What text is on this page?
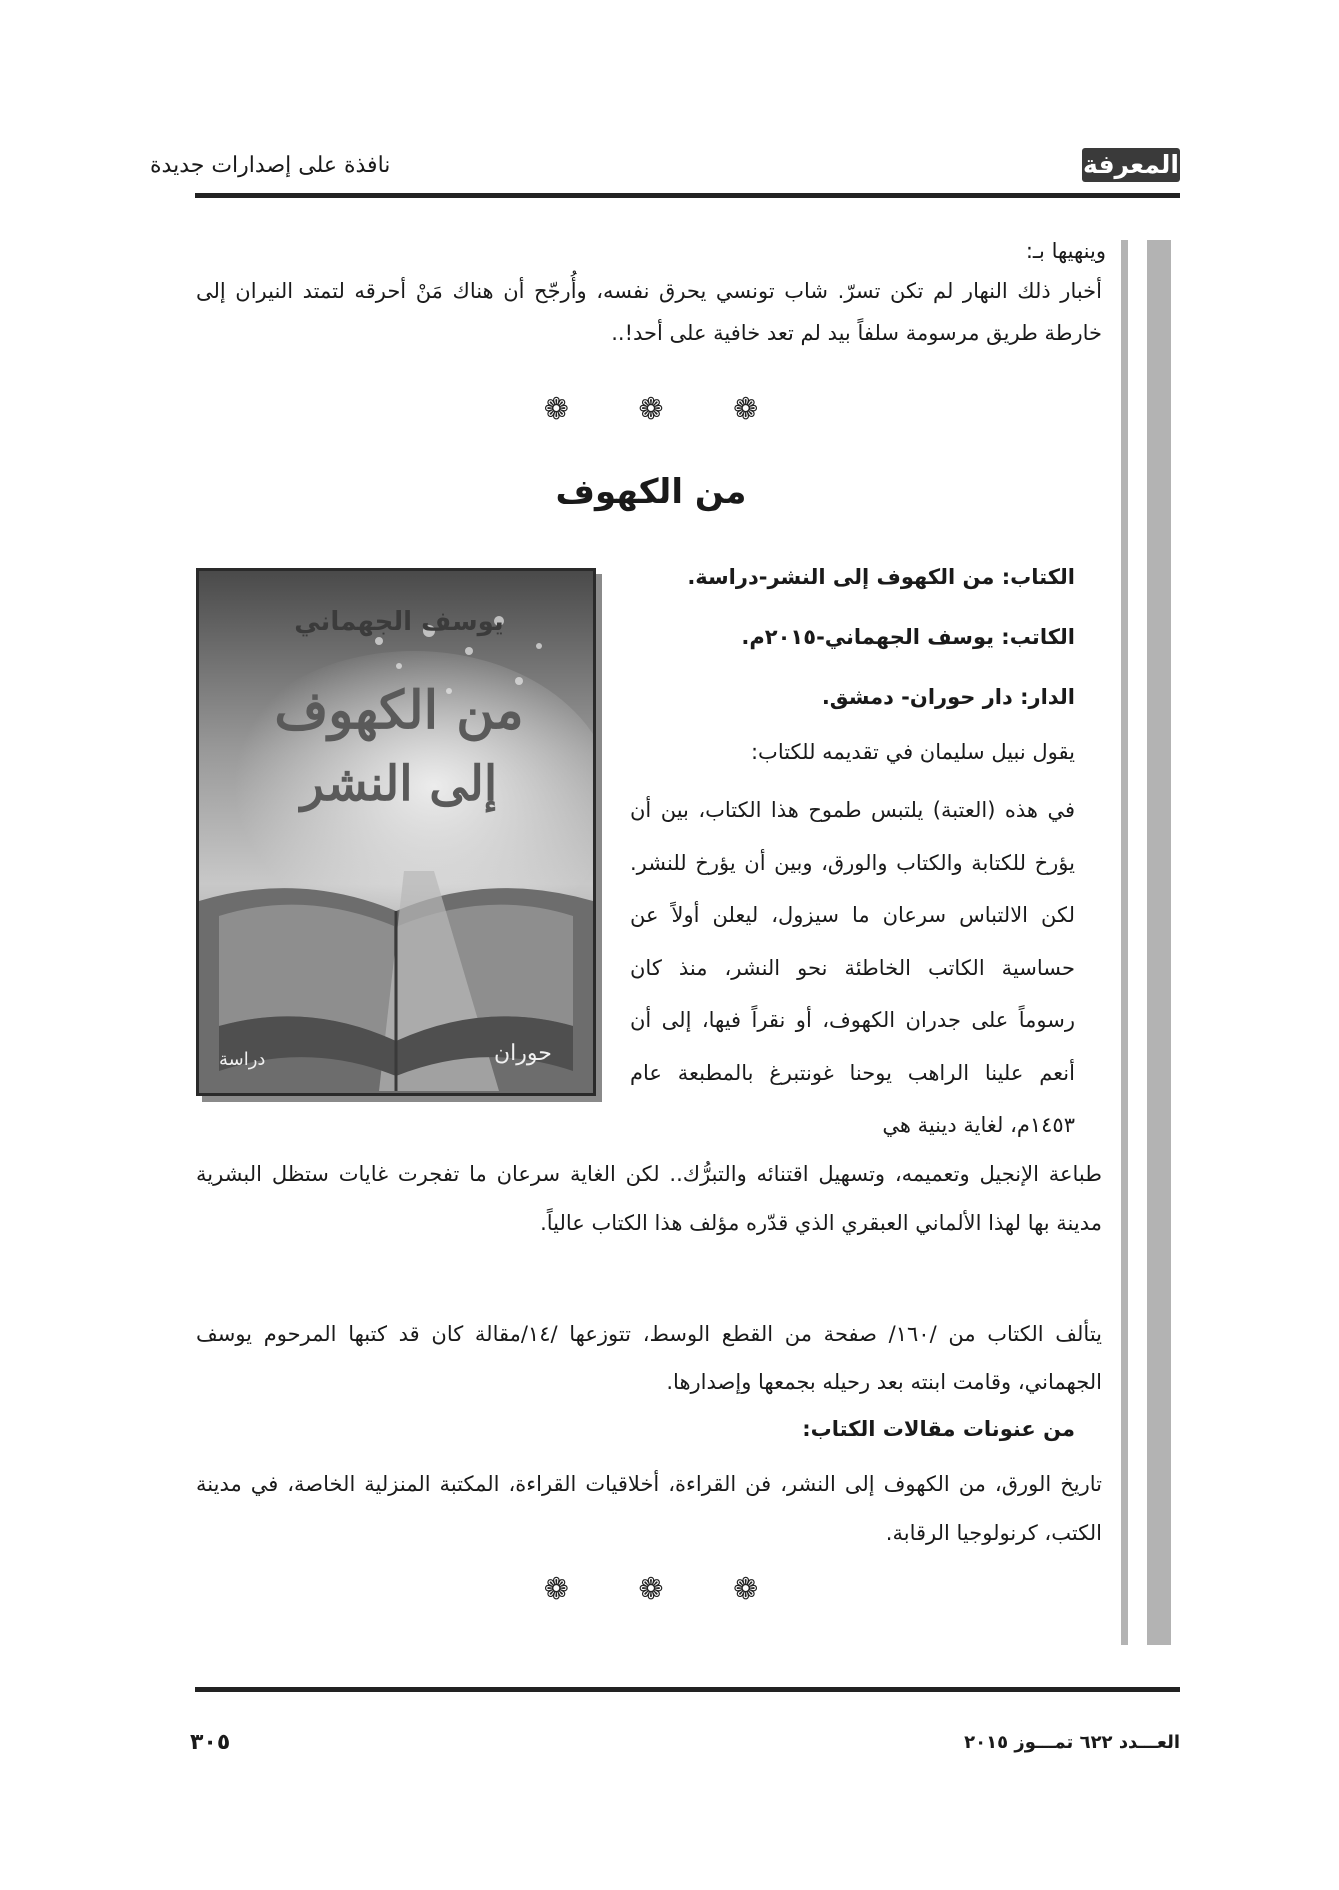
المعرفة
نافذة على إصدارات جديدة
وينهيها بـ:
أخبار ذلك النهار لم تكن تسرّ. شاب تونسي يحرق نفسه، وأُرجّح أن هناك مَنْ أحرقه لتمتد النيران إلى خارطة طريق مرسومة سلفاً بيد لم تعد خافية على أحد!..
❁ ❁ ❁
من الكهوف
الكتاب: من الكهوف إلى النشر-دراسة.
الكاتب: يوسف الجهماني-٢٠١٥م.
الدار: دار حوران- دمشق.
يقول نبيل سليمان في تقديمه للكتاب:
في هذه (العتبة) يلتبس طموح هذا الكتاب، بين أن يؤرخ للكتابة والكتاب والورق، وبين أن يؤرخ للنشر. لكن الالتباس سرعان ما سيزول، ليعلن أولاً عن حساسية الكاتب الخاطئة نحو النشر، منذ كان رسوماً على جدران الكهوف، أو نقراً فيها، إلى أن أنعم علينا الراهب يوحنا غونتبرغ بالمطبعة عام ١٤٥٣م، لغاية دينية هي
يوسف الجهماني
من الكهوف
إلى النشر
دراسة	حوران
طباعة الإنجيل وتعميمه، وتسهيل اقتنائه والتبرُّك.. لكن الغاية سرعان ما تفجرت غايات ستظل البشرية مدينة بها لهذا الألماني العبقري الذي قدّره مؤلف هذا الكتاب عالياً.
يتألف الكتاب من /١٦٠/ صفحة من القطع الوسط، تتوزعها /١٤/مقالة كان قد كتبها المرحوم يوسف الجهماني، وقامت ابنته بعد رحيله بجمعها وإصدارها.
من عنونات مقالات الكتاب:
تاريخ الورق، من الكهوف إلى النشر، فن القراءة، أخلاقيات القراءة، المكتبة المنزلية الخاصة، في مدينة الكتب، كرنولوجيا الرقابة.
❁ ❁ ❁
العـــدد ٦٢٢ تمـــوز ٢٠١٥
٣٠٥
